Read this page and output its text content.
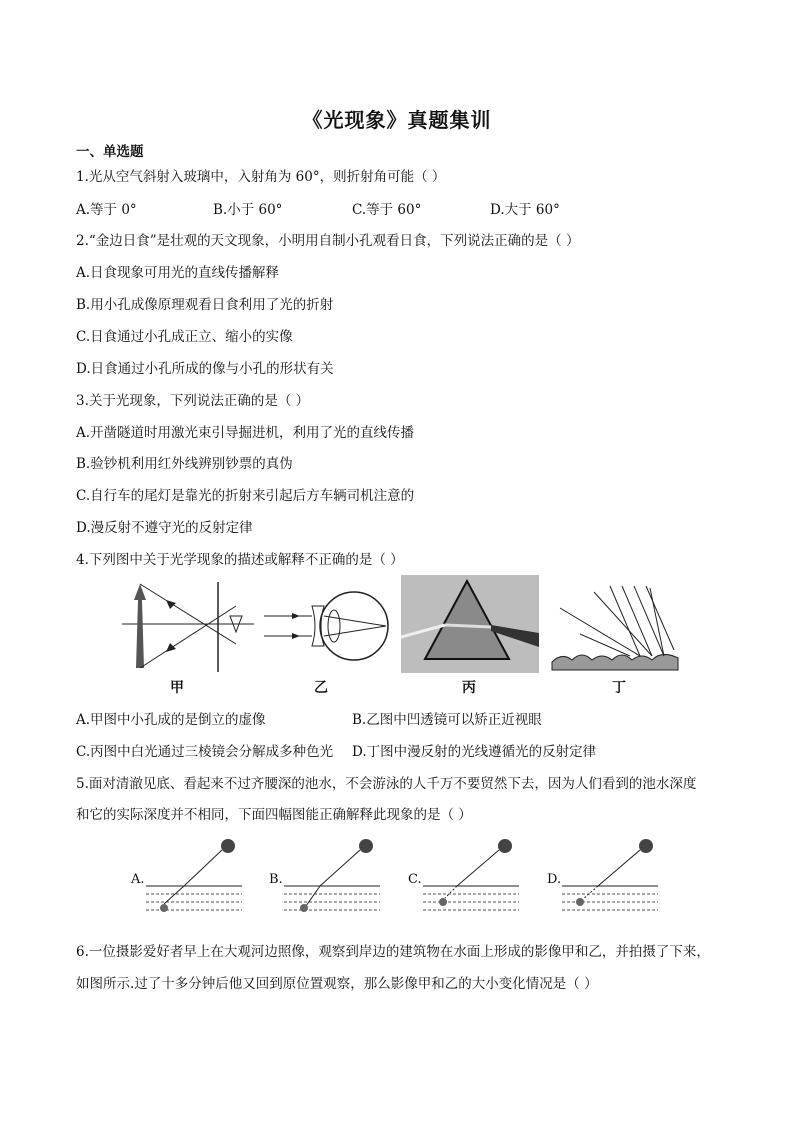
《光现象》真题集训
一、单选题
1.光从空气斜射入玻璃中，入射角为 60°，则折射角可能（ ）
A.等于 0°	B.小于 60°	C.等于 60°	D.大于 60°
2.“金边日食”是壮观的天文现象，小明用自制小孔观看日食，下列说法正确的是（ ）
A.日食现象可用光的直线传播解释
B.用小孔成像原理观看日食利用了光的折射
C.日食通过小孔成正立、缩小的实像
D.日食通过小孔所成的像与小孔的形状有关
3.关于光现象，下列说法正确的是（ ）
A.开凿隧道时用激光束引导掘进机，利用了光的直线传播
B.验钞机利用红外线辨别钞票的真伪
C.自行车的尾灯是靠光的折射来引起后方车辆司机注意的
D.漫反射不遵守光的反射定律
4.下列图中关于光学现象的描述或解释不正确的是（ ）
甲	乙	丙	丁
A.甲图中小孔成的是倒立的虚像	B.乙图中凹透镜可以矫正近视眼
C.丙图中白光通过三棱镜会分解成多种色光 D.丁图中漫反射的光线遵循光的反射定律
5.面对清澈见底、看起来不过齐腰深的池水，不会游泳的人千万不要贸然下去，因为人们看到的池水深度
和它的实际深度并不相同，下面四幅图能正确解释此现象的是（ ）
A.	B.	C.	D.
6.一位摄影爱好者早上在大观河边照像，观察到岸边的建筑物在水面上形成的影像甲和乙，并拍摄了下来，
如图所示.过了十多分钟后他又回到原位置观察，那么影像甲和乙的大小变化情况是（ ）
